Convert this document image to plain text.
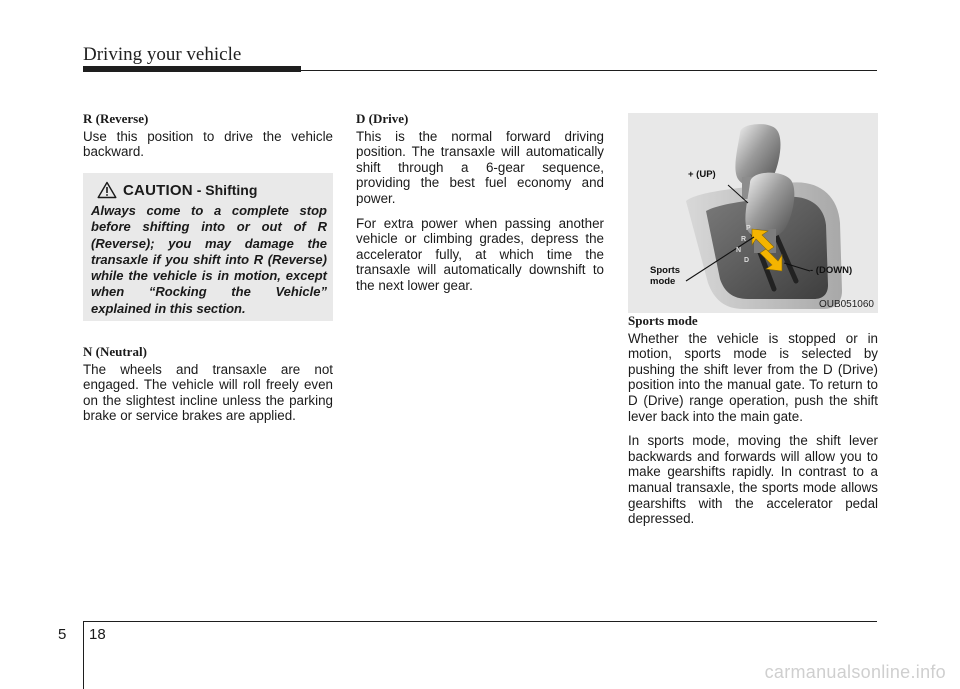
Driving your vehicle
R (Reverse)

Use this position to drive the vehicle backward.

CAUTION - Shifting
Always come to a complete stop before shifting into or out of R (Reverse); you may damage the transaxle if you shift into R (Reverse) while the vehicle is in motion, except when “Rocking the Vehicle” explained in this section.
N (Neutral)

The wheels and transaxle are not engaged. The vehicle will roll freely even on the slightest incline unless the parking brake or service brakes are applied.

D (Drive)

This is the normal forward driving position. The transaxle will automatically shift through a 6-gear sequence, providing the best fuel economy and power.

For extra power when passing another vehicle or climbing grades, depress the accelerator fully, at which time the transaxle will automatically downshift to the next lower gear.

+ (UP)
- (DOWN)
Sports
mode
P
R
N
D
OUB051060
Sports mode

Whether the vehicle is stopped or in motion, sports mode is selected by pushing the shift lever from the D (Drive) position into the manual gate. To return to D (Drive) range operation, push the shift lever back into the main gate.

In sports mode, moving the shift lever backwards and forwards will allow you to make gearshifts rapidly. In contrast to a manual transaxle, the sports mode allows gearshifts with the accelerator pedal depressed.

5 18
carmanualsonline.info
